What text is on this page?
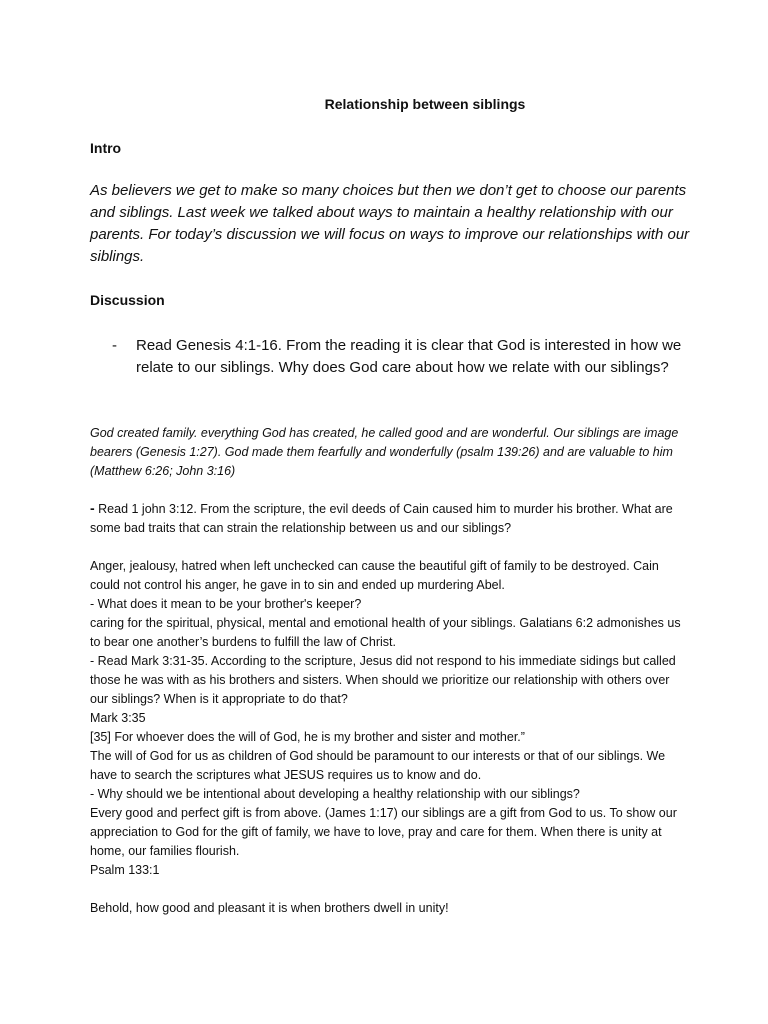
Relationship between siblings
Intro
As believers we get to make so many choices but then we don’t get to choose our parents and siblings. Last week we talked about ways to maintain a healthy relationship with our parents. For today’s discussion we will focus on ways to improve our relationships with our siblings.
Discussion
- Read Genesis 4:1-16. From the reading it is clear that God is interested in how we relate to our siblings. Why does God care about how we relate with our siblings?
God created family. everything God has created, he called good and are wonderful. Our siblings are image bearers (Genesis 1:27). God made them fearfully and wonderfully (psalm 139:26) and are valuable to him (Matthew 6:26; John 3:16)

- Read 1 john 3:12. From the scripture, the evil deeds of Cain caused him to murder his brother. What are some bad traits that can strain the relationship between us and our siblings?

Anger, jealousy, hatred when left unchecked can cause the beautiful gift of family to be destroyed. Cain could not control his anger, he gave in to sin and ended up murdering Abel.

- What does it mean to be your brother's keeper?

caring for the spiritual, physical, mental and emotional health of your siblings. Galatians 6:2 admonishes us to bear one another’s burdens to fulfill the law of Christ.

- Read Mark 3:31-35. According to the scripture, Jesus did not respond to his immediate sidings but called those he was with as his brothers and sisters. When should we prioritize our relationship with others over our siblings? When is it appropriate to do that?

Mark 3:35

[35] For whoever does the will of God, he is my brother and sister and mother.”

The will of God for us as children of God should be paramount to our interests or that of our siblings. We have to search the scriptures what JESUS requires us to know and do.

- Why should we be intentional about developing a healthy relationship with our siblings?

Every good and perfect gift is from above. (James 1:17) our siblings are a gift from God to us. To show our appreciation to God for the gift of family, we have to love, pray and care for them. When there is unity at home, our families flourish.

Psalm 133:1

Behold, how good and pleasant it is when brothers dwell in unity!
